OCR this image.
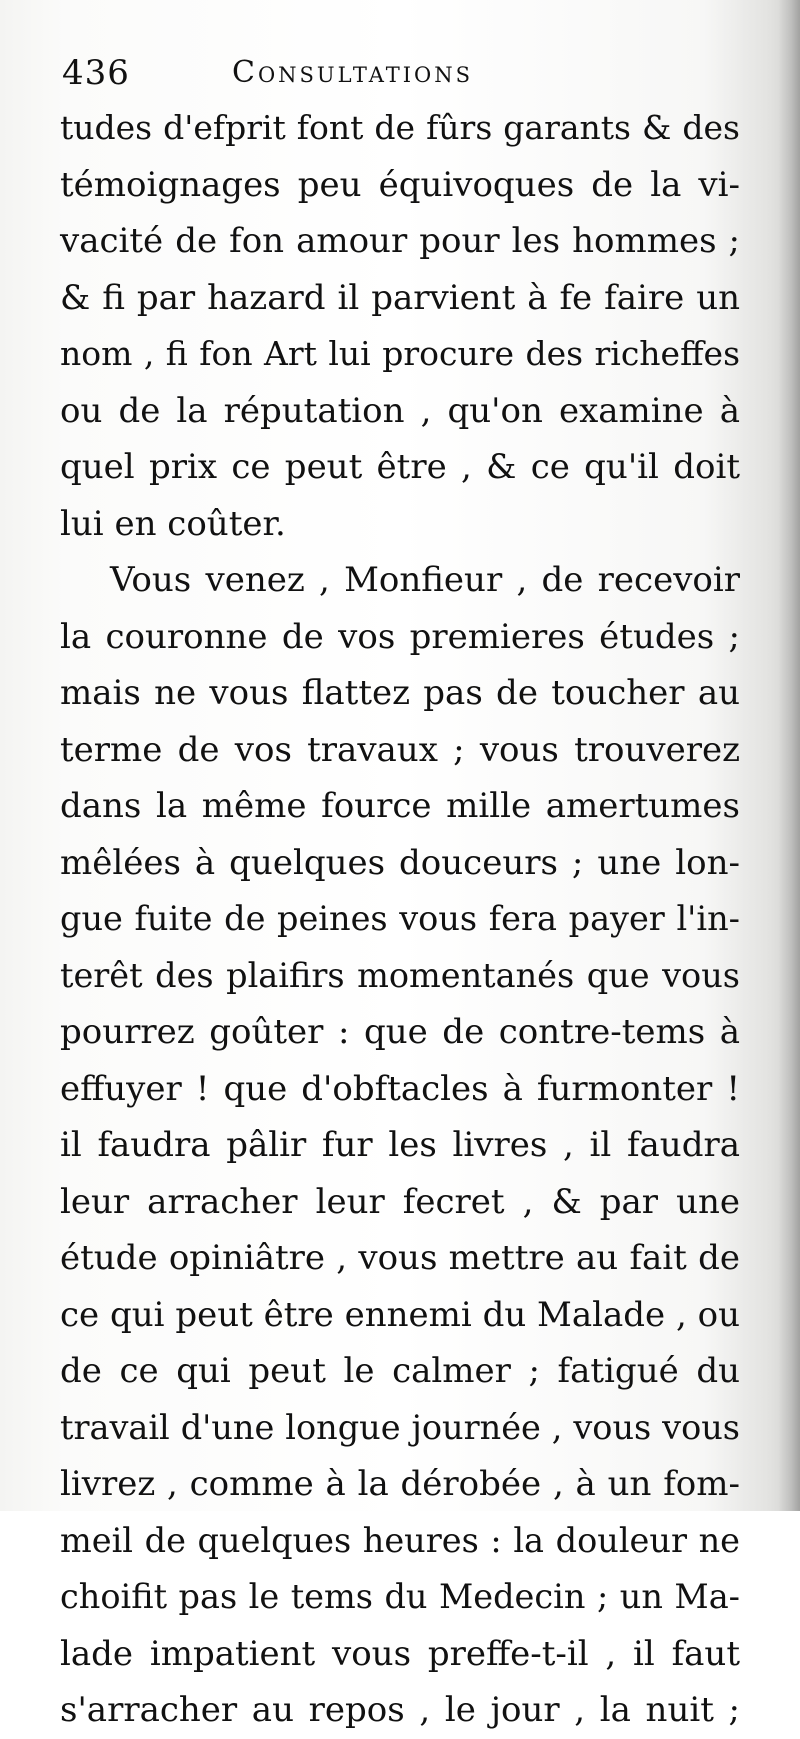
436	Consultations
tudes d'efprit font de fûrs garants & des
témoignages peu équivoques de la vi-
vacité de fon amour pour les hommes ;
& fi par hazard il parvient à fe faire un
nom , fi fon Art lui procure des richeffes
ou de la réputation , qu'on examine à
quel prix ce peut être , & ce qu'il doit
lui en coûter.
Vous venez , Monfieur , de recevoir
la couronne de vos premieres études ;
mais ne vous flattez pas de toucher au
terme de vos travaux ; vous trouverez
dans la même fource mille amertumes
mêlées à quelques douceurs ; une lon-
gue fuite de peines vous fera payer l'in-
terêt des plaifirs momentanés que vous
pourrez goûter : que de contre-tems à
effuyer ! que d'obftacles à furmonter !
il faudra pâlir fur les livres , il faudra
leur arracher leur fecret , & par une
étude opiniâtre , vous mettre au fait de
ce qui peut être ennemi du Malade , ou
de ce qui peut le calmer ; fatigué du
travail d'une longue journée , vous vous
livrez , comme à la dérobée , à un fom-
meil de quelques heures : la douleur ne
choifit pas le tems du Medecin ; un Ma-
lade impatient vous preffe-t-il , il faut
s'arracher au repos , le jour , la nuit ;
